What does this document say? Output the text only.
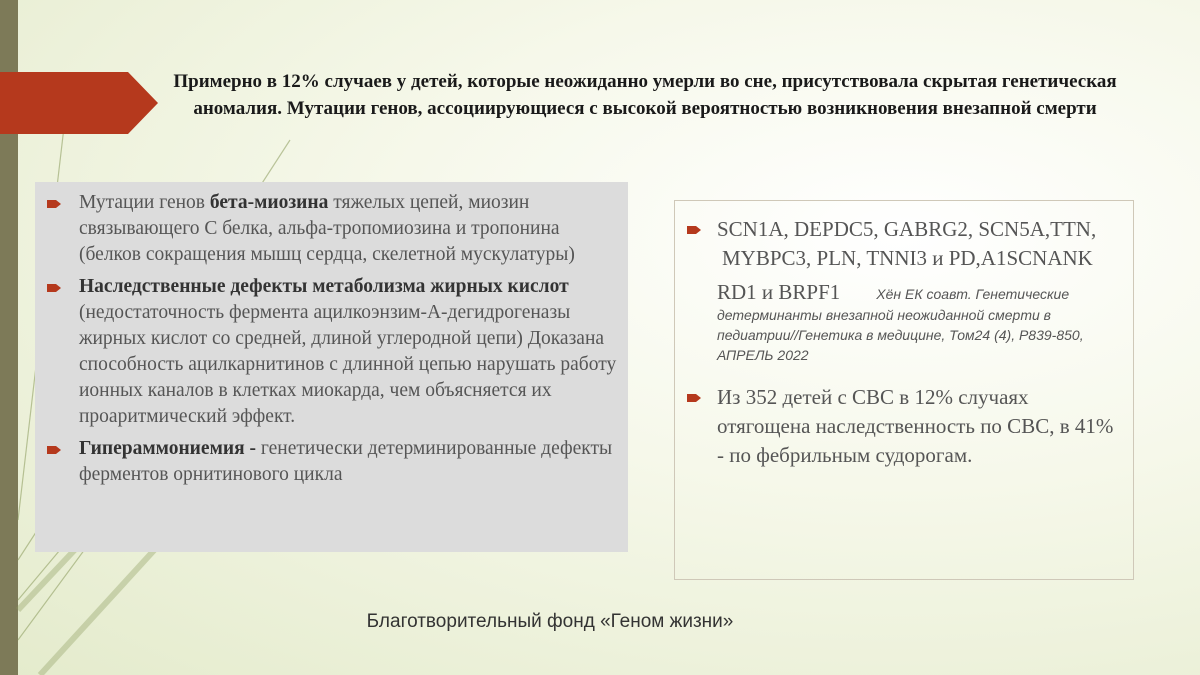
Примерно в 12% случаев у детей, которые неожиданно умерли во сне, присутствовала скрытая генетическая аномалия. Мутации генов, ассоциирующиеся с высокой вероятностью возникновения внезапной смерти
Мутации генов бета-миозина тяжелых цепей, миозин связывающего С белка, альфа-тропомиозина и тропонина (белков сокращения мышц сердца, скелетной мускулатуры)
Наследственные дефекты метаболизма жирных кислот (недостаточность фермента ацилкоэнзим-А-дегидрогеназы жирных кислот со средней, длиной углеродной цепи) Доказана способность ацилкарнитинов с длинной цепью нарушать работу ионных каналов в клетках миокарда, чем объясняется их проаритмический эффект.
Гипераммониемия - генетически детерминированные дефекты ферментов орнитинового цикла
SCN1A, DEPDC5, GABRG2, SCN5A,TTN,
MYBPC3, PLN, TNNI3 и PD,A1SCNANK
RD1 и BRPF1	Хён ЕК соавт. Генетические
детерминанты внезапной неожиданной смерти в педиатрии//Генетика в медицине, Том24 (4), P839-850, АПРЕЛЬ 2022
Из 352 детей с СВС в 12% случаях отягощена наследственность по СВС, в 41% - по фебрильным судорогам.
Благотворительный фонд «Геном жизни»
